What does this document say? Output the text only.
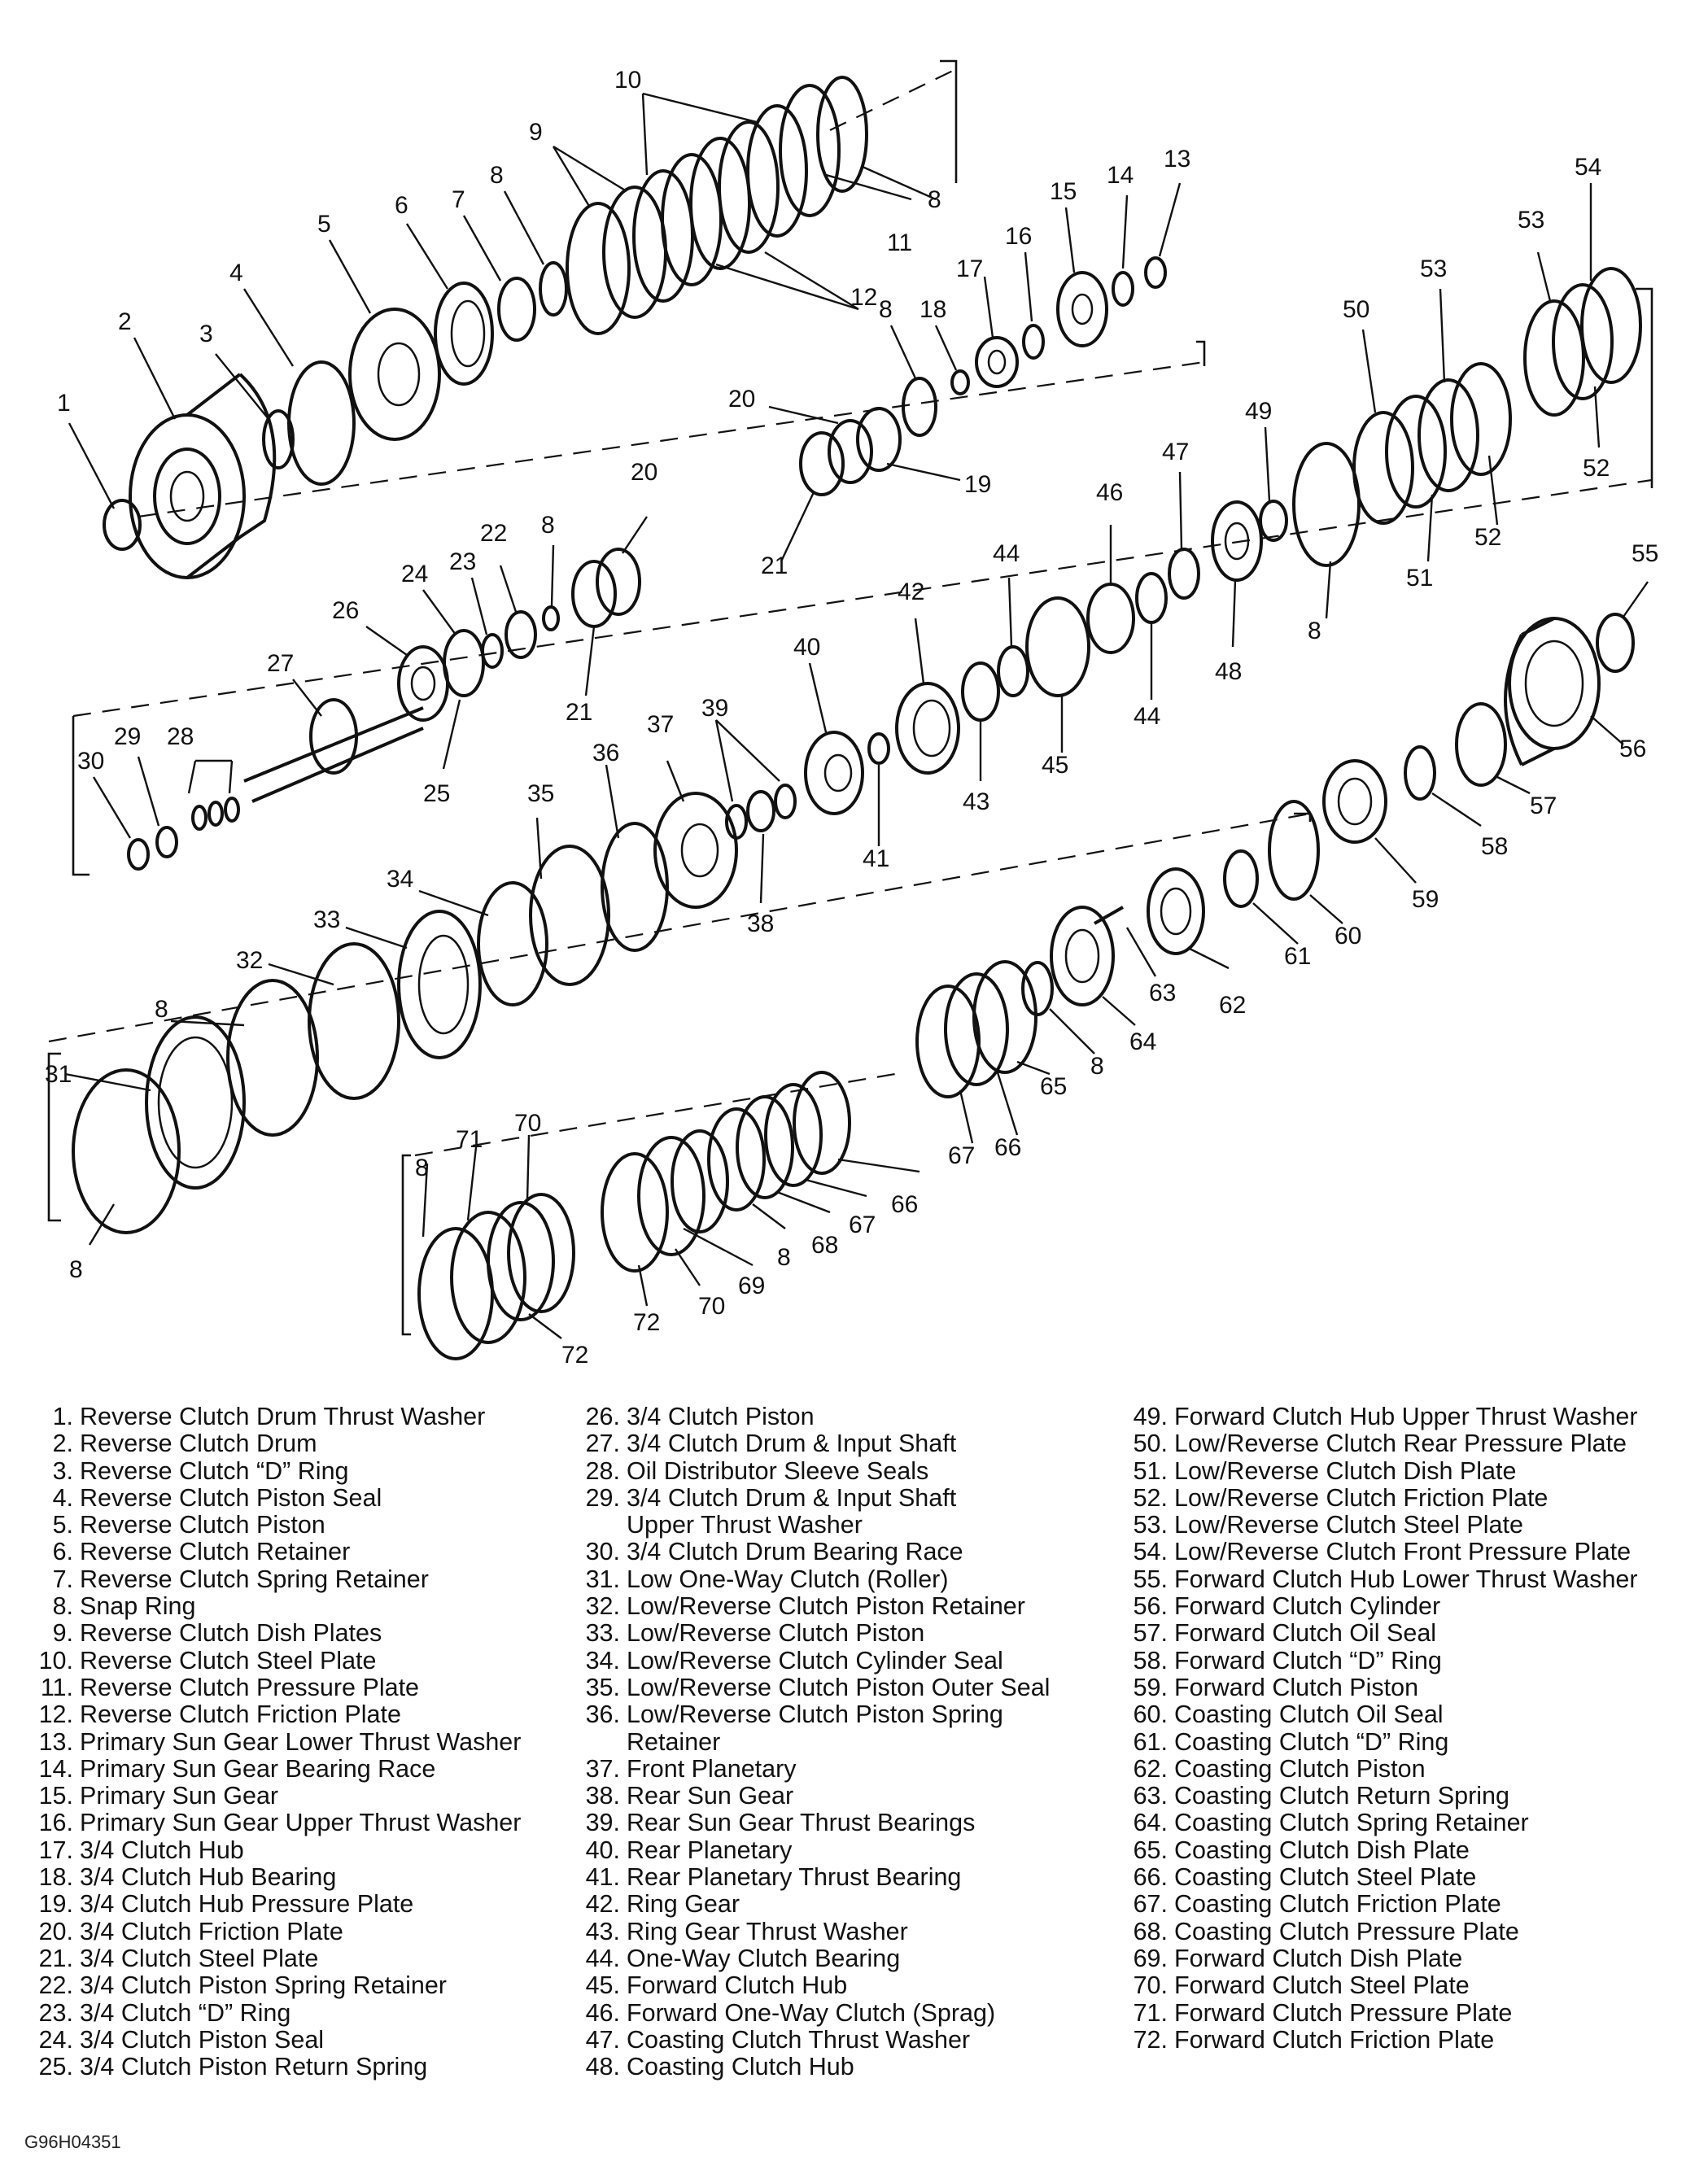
1
2	3
4
5
6 7
8
9
10
8
11
12
13
14
15
16
17
18
8
20
19
21
20
21
8
22
23
24
25
26
27
28
29
30
31
8
32
33
34
35
36
37
39
38
40
41
42
43
44
45
46
44
47
48
49
8
50
51
53
52
53
52
54
55
56
57
58
59
60
61
62
63
64
8
65
66
67
66
67
68
8
69
70
72
72
70
71
8
8
1. Reverse Clutch Drum Thrust Washer
2. Reverse Clutch Drum
3. Reverse Clutch “D” Ring
4. Reverse Clutch Piston Seal
5. Reverse Clutch Piston
6. Reverse Clutch Retainer
7. Reverse Clutch Spring Retainer
8. Snap Ring
9. Reverse Clutch Dish Plates
10. Reverse Clutch Steel Plate
11. Reverse Clutch Pressure Plate
12. Reverse Clutch Friction Plate
13. Primary Sun Gear Lower Thrust Washer
14. Primary Sun Gear Bearing Race
15. Primary Sun Gear
16. Primary Sun Gear Upper Thrust Washer
17. 3/4 Clutch Hub
18. 3/4 Clutch Hub Bearing
19. 3/4 Clutch Hub Pressure Plate
20. 3/4 Clutch Friction Plate
21. 3/4 Clutch Steel Plate
22. 3/4 Clutch Piston Spring Retainer
23. 3/4 Clutch “D” Ring
24. 3/4 Clutch Piston Seal
25. 3/4 Clutch Piston Return Spring
26. 3/4 Clutch Piston
27. 3/4 Clutch Drum & Input Shaft
28. Oil Distributor Sleeve Seals
29. 3/4 Clutch Drum & Input Shaft
Upper Thrust Washer
30. 3/4 Clutch Drum Bearing Race
31. Low One-Way Clutch (Roller)
32. Low/Reverse Clutch Piston Retainer
33. Low/Reverse Clutch Piston
34. Low/Reverse Clutch Cylinder Seal
35. Low/Reverse Clutch Piston Outer Seal
36. Low/Reverse Clutch Piston Spring
Retainer
37. Front Planetary
38. Rear Sun Gear
39. Rear Sun Gear Thrust Bearings
40. Rear Planetary
41. Rear Planetary Thrust Bearing
42. Ring Gear
43. Ring Gear Thrust Washer
44. One-Way Clutch Bearing
45. Forward Clutch Hub
46. Forward One-Way Clutch (Sprag)
47. Coasting Clutch Thrust Washer
48. Coasting Clutch Hub
49. Forward Clutch Hub Upper Thrust Washer
50. Low/Reverse Clutch Rear Pressure Plate
51. Low/Reverse Clutch Dish Plate
52. Low/Reverse Clutch Friction Plate
53. Low/Reverse Clutch Steel Plate
54. Low/Reverse Clutch Front Pressure Plate
55. Forward Clutch Hub Lower Thrust Washer
56. Forward Clutch Cylinder
57. Forward Clutch Oil Seal
58. Forward Clutch “D” Ring
59. Forward Clutch Piston
60. Coasting Clutch Oil Seal
61. Coasting Clutch “D” Ring
62. Coasting Clutch Piston
63. Coasting Clutch Return Spring
64. Coasting Clutch Spring Retainer
65. Coasting Clutch Dish Plate
66. Coasting Clutch Steel Plate
67. Coasting Clutch Friction Plate
68. Coasting Clutch Pressure Plate
69. Forward Clutch Dish Plate
70. Forward Clutch Steel Plate
71. Forward Clutch Pressure Plate
72. Forward Clutch Friction Plate
G96H04351
